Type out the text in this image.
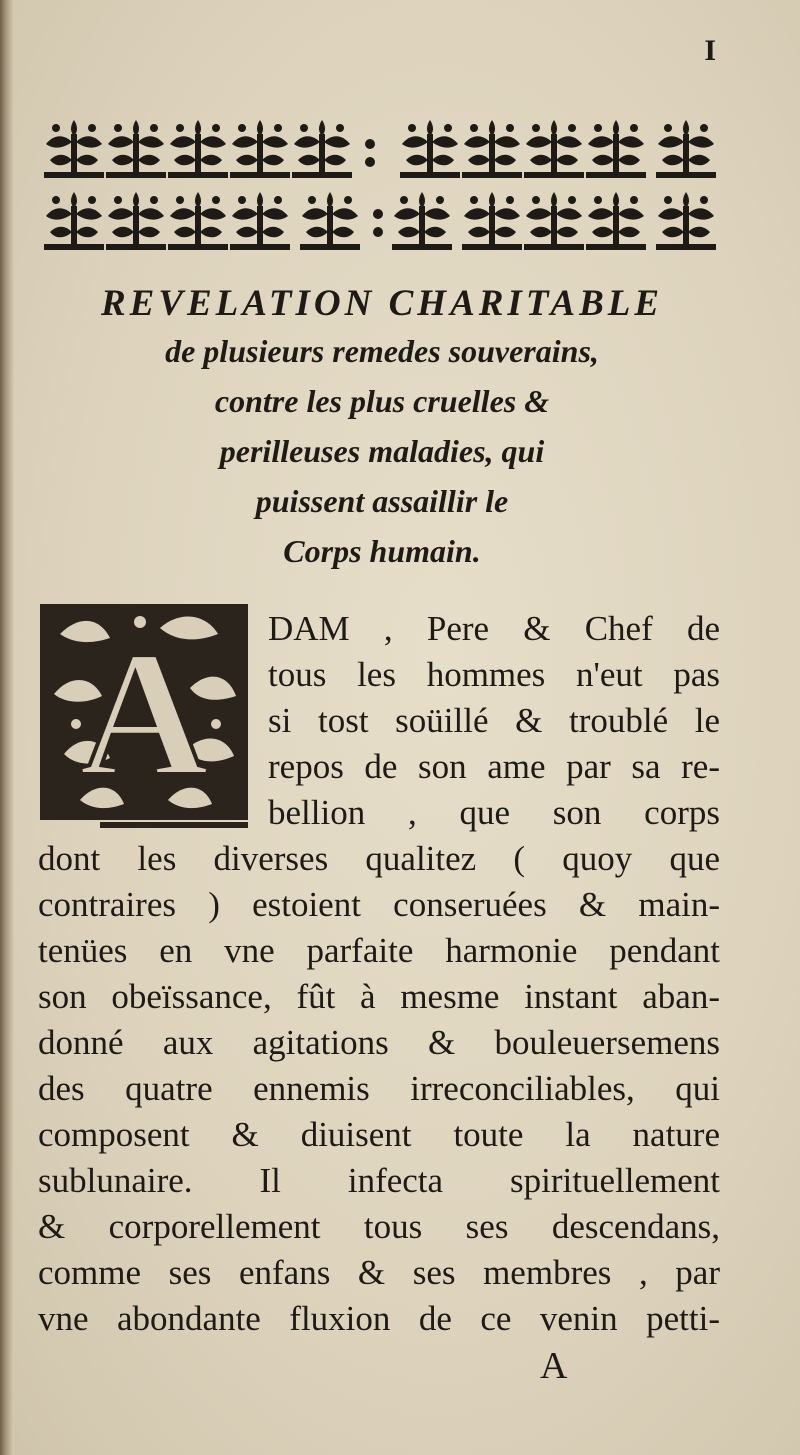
I
REVELATION CHARITABLE
de plusieurs remedes souverains,
contre les plus cruelles &
perilleuses maladies, qui
puissent assaillir le
Corps humain.
A DAM , Pere & Chef de
tous les hommes n'eut pas
si tost soüillé & troublé le
repos de son ame par sa re-
bellion , que son corps
dont les diverses qualitez ( quoy que
contraires ) estoient conseruées & main-
tenües en vne parfaite harmonie pendant
son obeïssance, fût à mesme instant aban-
donné aux agitations & bouleuersemens
des quatre ennemis irreconciliables, qui
composent & diuisent toute la nature
sublunaire. Il infecta spirituellement
& corporellement tous ses descendans,
comme ses enfans & ses membres , par
vne abondante fluxion de ce venin petti-
A
